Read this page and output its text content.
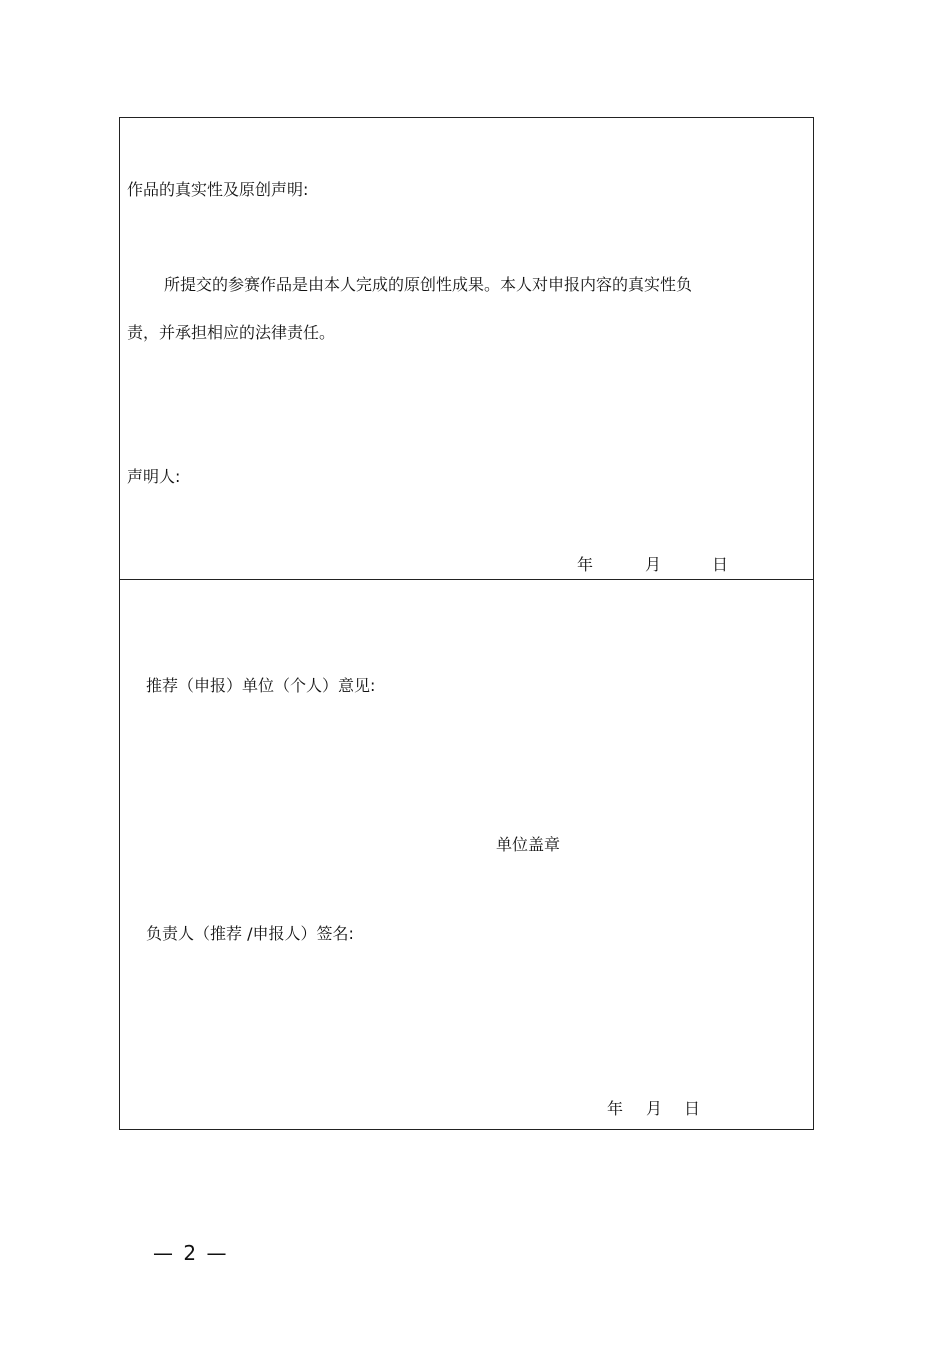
作品的真实性及原创声明:

所提交的参赛作品是由本人完成的原创性成果。本人对申报内容的真实性负

责，并承担相应的法律责任。

声明人:

年	月	日

推荐（申报）单位（个人）意见:

单位盖章

负责人（推荐 /申报人）签名:

年 月 日
— 2 —
